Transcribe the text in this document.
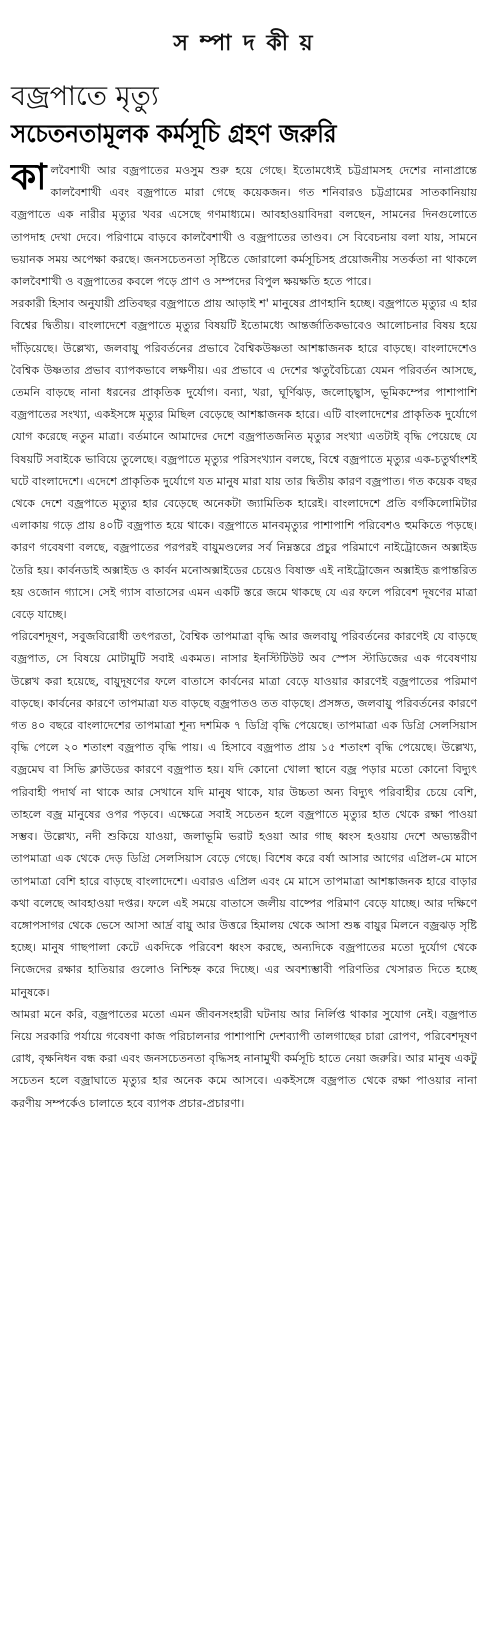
স ম্পা দ কী য়
বজ্রপাতে মৃত্যু
সচেতনতামূলক কর্মসূচি গ্রহণ জরুরি

কালবৈশাখী আর বজ্রপাতের মওসুম শুরু হয়ে গেছে। ইতোমধ্যেই চট্টগ্রামসহ দেশের নানাপ্রান্তে কালবৈশাখী এবং বজ্রপাতে মারা গেছে কয়েকজন। গত শনিবারও চট্টগ্রামের সাতকানিয়ায় বজ্রপাতে এক নারীর মৃত্যুর খবর এসেছে গণমাধ্যমে। আবহাওয়াবিদরা বলছেন, সামনের দিনগুলোতে তাপদাহ দেখা দেবে। পরিণামে বাড়বে কালবৈশাখী ও বজ্রপাতের তাণ্ডব। সে বিবেচনায় বলা যায়, সামনে ভয়ানক সময় অপেক্ষা করছে। জনসচেতনতা সৃষ্টিতে জোরালো কর্মসূচিসহ প্রয়োজনীয় সতর্কতা না থাকলে কালবৈশাখী ও বজ্রপাতের কবলে পড়ে প্রাণ ও সম্পদের বিপুল ক্ষয়ক্ষতি হতে পারে।

সরকারী হিসাব অনুযায়ী প্রতিবছর বজ্রপাতে প্রায় আড়াই শ' মানুষের প্রাণহানি হচ্ছে। বজ্রপাতে মৃত্যুর এ হার বিশ্বের দ্বিতীয়। বাংলাদেশে বজ্রপাতে মৃত্যুর বিষয়টি ইতোমধ্যে আন্তর্জাতিকভাবেও আলোচনার বিষয় হয়ে দাঁড়িয়েছে। উল্লেখ্য, জলবায়ু পরিবর্তনের প্রভাবে বৈশ্বিকউষ্ণতা আশঙ্কাজনক হারে বাড়ছে। বাংলাদেশেও বৈশ্বিক উষ্ণতার প্রভাব ব্যাপকভাবে লক্ষণীয়। এর প্রভাবে এ দেশের ঋতুবৈচিত্র্যে যেমন পরিবর্তন আসছে, তেমনি বাড়ছে নানা ধরনের প্রাকৃতিক দুর্যোগ। বন্যা, খরা, ঘূর্ণিঝড়, জলোচ্ছ্বাস, ভূমিকম্পের পাশাপাশি বজ্রপাতের সংখ্যা, একইসঙ্গে মৃত্যুর মিছিল বেড়েছে আশঙ্কাজনক হারে। এটি বাংলাদেশের প্রাকৃতিক দুর্যোগে যোগ করেছে নতুন মাত্রা। বর্তমানে আমাদের দেশে বজ্রপাতজনিত মৃত্যুর সংখ্যা এতটাই বৃদ্ধি পেয়েছে যে বিষয়টি সবাইকে ভাবিয়ে তুলেছে। বজ্রপাতে মৃত্যুর পরিসংখ্যান বলছে, বিশ্বে বজ্রপাতে মৃত্যুর এক-চতুর্থাংশই ঘটে বাংলাদেশে। এদেশে প্রাকৃতিক দুর্যোগে যত মানুষ মারা যায় তার দ্বিতীয় কারণ বজ্রপাত। গত কয়েক বছর থেকে দেশে বজ্রপাতে মৃত্যুর হার বেড়েছে অনেকটা জ্যামিতিক হারেই। বাংলাদেশে প্রতি বর্গকিলোমিটার এলাকায় গড়ে প্রায় ৪০টি বজ্রপাত হয়ে থাকে। বজ্রপাতে মানবমৃত্যুর পাশাপাশি পরিবেশও হুমকিতে পড়ছে। কারণ গবেষণা বলছে, বজ্রপাতের পরপরই বায়ুমণ্ডলের সর্ব নিম্নস্তরে প্রচুর পরিমাণে নাইট্রোজেন অক্সাইড তৈরি হয়। কার্বনডাই অক্সাইড ও কার্বন মনোঅক্সাইডের চেয়েও বিষাক্ত এই নাইট্রোজেন অক্সাইড রূপান্তরিত হয় ওজোন গ্যাসে। সেই গ্যাস বাতাসের এমন একটি স্তরে জমে থাকছে যে এর ফলে পরিবেশ দূষণের মাত্রা বেড়ে যাচ্ছে।

পরিবেশদূষণ, সবুজবিরোধী তৎপরতা, বৈশ্বিক তাপমাত্রা বৃদ্ধি আর জলবায়ু পরিবর্তনের কারণেই যে বাড়ছে বজ্রপাত, সে বিষয়ে মোটামুটি সবাই একমত। নাসার ইনস্টিটিউট অব স্পেস স্টাডিজের এক গবেষণায় উল্লেখ করা হয়েছে, বায়ুদূষণের ফলে বাতাসে কার্বনের মাত্রা বেড়ে যাওয়ার কারণেই বজ্রপাতের পরিমাণ বাড়ছে। কার্বনের কারণে তাপমাত্রা যত বাড়ছে বজ্রপাতও তত বাড়ছে। প্রসঙ্গত, জলবায়ু পরিবর্তনের কারণে গত ৪০ বছরে বাংলাদেশের তাপমাত্রা শূন্য দশমিক ৭ ডিগ্রি বৃদ্ধি পেয়েছে। তাপমাত্রা এক ডিগ্রি সেলসিয়াস বৃদ্ধি পেলে ২০ শতাংশ বজ্রপাত বৃদ্ধি পায়। এ হিসাবে বজ্রপাত প্রায় ১৫ শতাংশ বৃদ্ধি পেয়েছে। উল্লেখ্য, বজ্রমেঘ বা সিভি ক্লাউডের কারণে বজ্রপাত হয়। যদি কোনো খোলা স্থানে বজ্র পড়ার মতো কোনো বিদ্যুৎ পরিবাহী পদার্থ না থাকে আর সেখানে যদি মানুষ থাকে, যার উচ্চতা অন্য বিদ্যুৎ পরিবাহীর চেয়ে বেশি, তাহলে বজ্র মানুষের ওপর পড়বে। এক্ষেত্রে সবাই সচেতন হলে বজ্রপাতে মৃত্যুর হাত থেকে রক্ষা পাওয়া সম্ভব। উল্লেখ্য, নদী শুকিয়ে যাওয়া, জলাভূমি ভরাট হওয়া আর গাছ ধ্বংস হওয়ায় দেশে অভ্যন্তরীণ তাপমাত্রা এক থেকে দেড় ডিগ্রি সেলসিয়াস বেড়ে গেছে। বিশেষ করে বর্ষা আসার আগের এপ্রিল-মে মাসে তাপমাত্রা বেশি হারে বাড়ছে বাংলাদেশে। এবারও এপ্রিল এবং মে মাসে তাপমাত্রা আশঙ্কাজনক হারে বাড়ার কথা বলেছে আবহাওয়া দপ্তর। ফলে এই সময়ে বাতাসে জলীয় বাষ্পের পরিমাণ বেড়ে যাচ্ছে। আর দক্ষিণে বঙ্গোপসাগর থেকে ভেসে আসা আর্দ্র বায়ু আর উত্তরে হিমালয় থেকে আসা শুষ্ক বায়ুর মিলনে বজ্রঝড় সৃষ্টি হচ্ছে। মানুষ গাছপালা কেটে একদিকে পরিবেশ ধ্বংস করছে, অন্যদিকে বজ্রপাতের মতো দুর্যোগ থেকে নিজেদের রক্ষার হাতিয়ার গুলোও নিশ্চিহ্ন করে দিচ্ছে। এর অবশ্যম্ভাবী পরিণতির খেসারত দিতে হচ্ছে মানুষকে।

আমরা মনে করি, বজ্রপাতের মতো এমন জীবনসংহারী ঘটনায় আর নির্লিপ্ত থাকার সুযোগ নেই। বজ্রপাত নিয়ে সরকারি পর্যায়ে গবেষণা কাজ পরিচালনার পাশাপাশি দেশব্যাপী তালগাছের চারা রোপণ, পরিবেশদূষণ রোধ, বৃক্ষনিধন বন্ধ করা এবং জনসচেতনতা বৃদ্ধিসহ নানামুখী কর্মসূচি হাতে নেয়া জরুরি। আর মানুষ একটু সচেতন হলে বজ্রাঘাতে মৃত্যুর হার অনেক কমে আসবে। একইসঙ্গে বজ্রপাত থেকে রক্ষা পাওয়ার নানা করণীয় সম্পর্কেও চালাতে হবে ব্যাপক প্রচার-প্রচারণা।
